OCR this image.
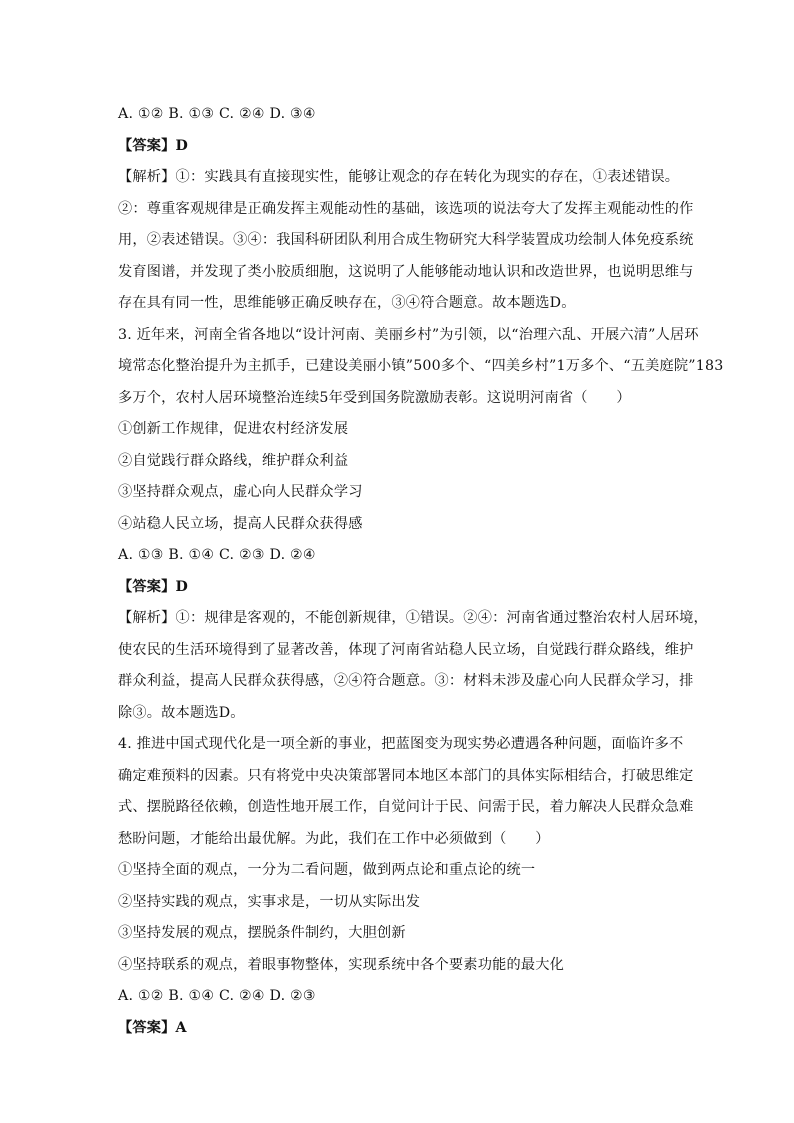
A. ①② B. ①③ C. ②④ D. ③④
【答案】D
【解析】①：实践具有直接现实性，能够让观念的存在转化为现实的存在，①表述错误。
②：尊重客观规律是正确发挥主观能动性的基础，该选项的说法夸大了发挥主观能动性的作
用，②表述错误。③④：我国科研团队利用合成生物研究大科学装置成功绘制人体免疫系统
发育图谱，并发现了类小胶质细胞，这说明了人能够能动地认识和改造世界，也说明思维与
存在具有同一性，思维能够正确反映存在，③④符合题意。故本题选D。
3. 近年来，河南全省各地以“设计河南、美丽乡村”为引领，以“治理六乱、开展六清”人居环
境常态化整治提升为主抓手，已建设美丽小镇”500多个、“四美乡村”1万多个、“五美庭院”183
多万个，农村人居环境整治连续5年受到国务院激励表彰。这说明河南省（　　）
①创新工作规律，促进农村经济发展
②自觉践行群众路线，维护群众利益
③坚持群众观点，虚心向人民群众学习
④站稳人民立场，提高人民群众获得感
A. ①③ B. ①④ C. ②③ D. ②④
【答案】D
【解析】①：规律是客观的，不能创新规律，①错误。②④：河南省通过整治农村人居环境，
使农民的生活环境得到了显著改善，体现了河南省站稳人民立场，自觉践行群众路线，维护
群众利益，提高人民群众获得感，②④符合题意。③：材料未涉及虚心向人民群众学习，排
除③。故本题选D。
4. 推进中国式现代化是一项全新的事业，把蓝图变为现实势必遭遇各种问题，面临许多不
确定难预料的因素。只有将党中央决策部署同本地区本部门的具体实际相结合，打破思维定
式、摆脱路径依赖，创造性地开展工作，自觉问计于民、问需于民，着力解决人民群众急难
愁盼问题，才能给出最优解。为此，我们在工作中必须做到（　　）
①坚持全面的观点，一分为二看问题，做到两点论和重点论的统一
②坚持实践的观点，实事求是，一切从实际出发
③坚持发展的观点，摆脱条件制约，大胆创新
④坚持联系的观点，着眼事物整体，实现系统中各个要素功能的最大化
A. ①② B. ①④ C. ②④ D. ②③
【答案】A
